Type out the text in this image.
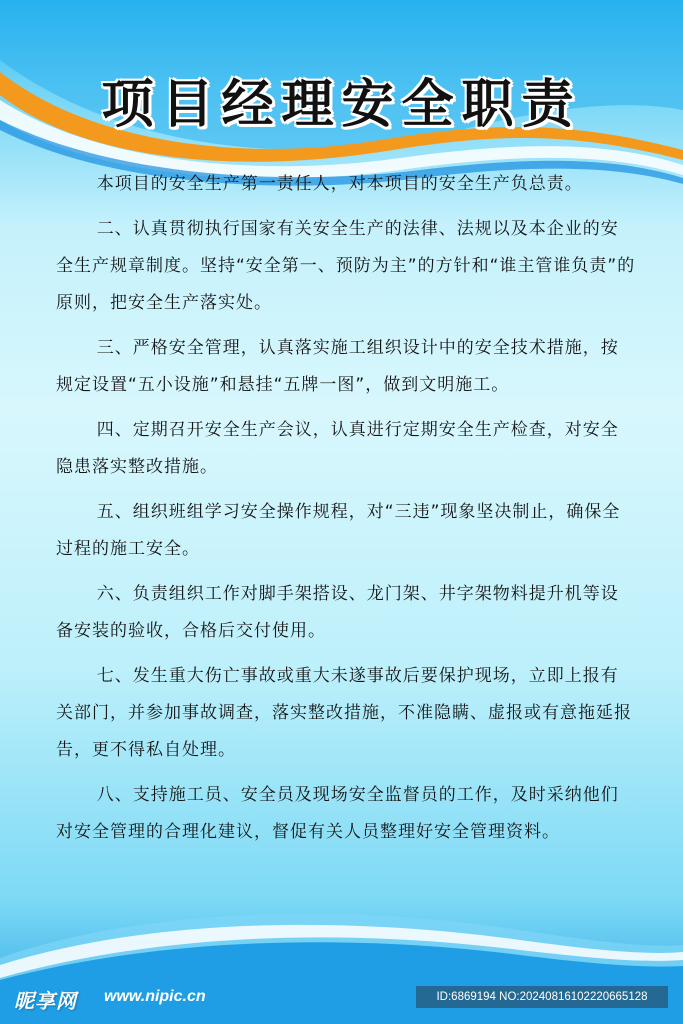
项目经理安全职责

本项目的安全生产第一责任人，对本项目的安全生产负总责。

二、认真贯彻执行国家有关安全生产的法律、法规以及本企业的安全生产规章制度。坚持“安全第一、预防为主”的方针和“谁主管谁负责”的原则，把安全生产落实处。

三、严格安全管理，认真落实施工组织设计中的安全技术措施，按规定设置“五小设施”和悬挂“五牌一图”，做到文明施工。

四、定期召开安全生产会议，认真进行定期安全生产检查，对安全隐患落实整改措施。

五、组织班组学习安全操作规程，对“三违”现象坚决制止，确保全过程的施工安全。

六、负责组织工作对脚手架搭设、龙门架、井字架物料提升机等设备安装的验收，合格后交付使用。

七、发生重大伤亡事故或重大未遂事故后要保护现场，立即上报有关部门，并参加事故调查，落实整改措施，不准隐瞒、虚报或有意拖延报告，更不得私自处理。

八、支持施工员、安全员及现场安全监督员的工作，及时采纳他们对安全管理的合理化建议，督促有关人员整理好安全管理资料。

昵享网 www.nipic.cn	ID:6869194 NO:20240816102220665128
